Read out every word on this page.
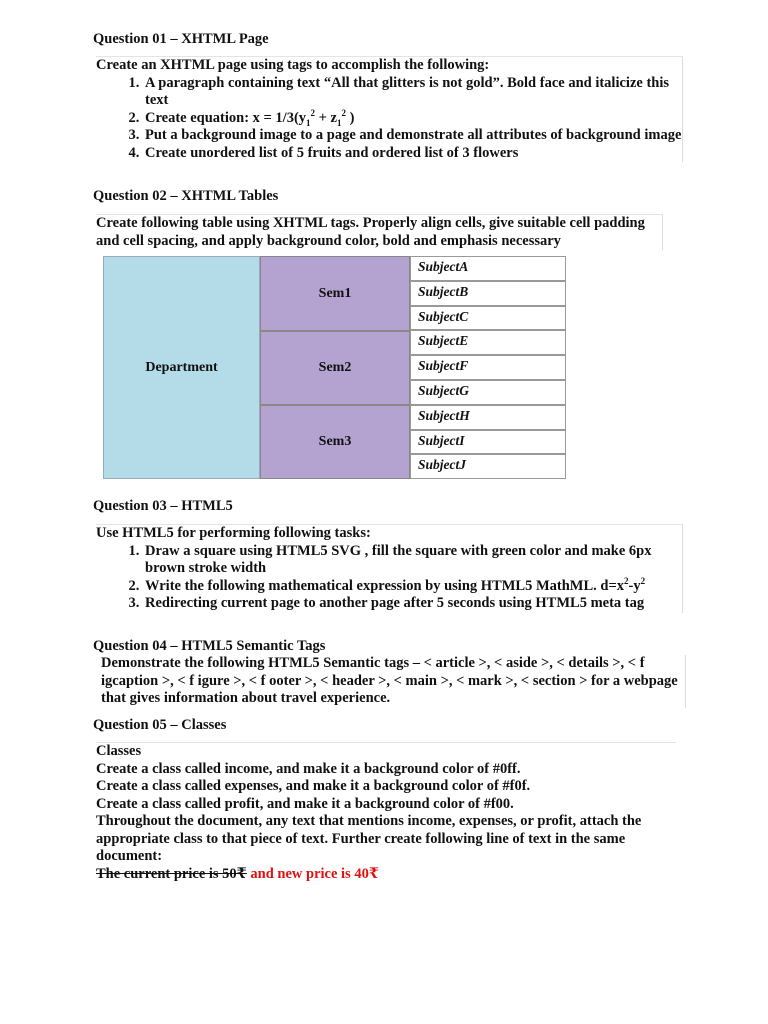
Question 01 – XHTML Page

Create an XHTML page using tags to accomplish the following:

1. A paragraph containing text “All that glitters is not gold”. Bold face and italicize this text
2. Create equation: $x = 1/3(y_1^2 + z_1^2$ )
3. Put a background image to a page and demonstrate all attributes of background image
4. Create unordered list of 5 fruits and ordered list of 3 flowers
Question 02 – XHTML Tables
Create following table using XHTML tags. Properly align cells, give suitable cell padding and cell spacing, and apply background color, bold and emphasis necessary
Department
Sem1
Sem2
Sem3
SubjectA
SubjectB
SubjectC
SubjectE
SubjectF
SubjectG
SubjectH
SubjectI
SubjectJ
Question 03 – HTML5

Use HTML5 for performing following tasks:

1. Draw a square using HTML5 SVG , fill the square with green color and make 6px brown stroke width
2. Write the following mathematical expression by using HTML5 MathML. $d=x^2-y^2$
3. Redirecting current page to another page after 5 seconds using HTML5 meta tag
Question 04 – HTML5 Semantic Tags
Demonstrate the following HTML5 Semantic tags – < article >, < aside >, < details >, < f igcaption >, < f igure >, < f ooter >, < header >, < main >, < mark >, < section > for a webpage that gives information about travel experience.
Question 05 – Classes
Classes
Create a class called income, and make it a background color of #0ff.
Create a class called expenses, and make it a background color of #f0f.
Create a class called profit, and make it a background color of #f00.
Throughout the document, any text that mentions income, expenses, or profit, attach the appropriate class to that piece of text. Further create following line of text in the same document:
The current price is 50₹ and new price is 40₹
